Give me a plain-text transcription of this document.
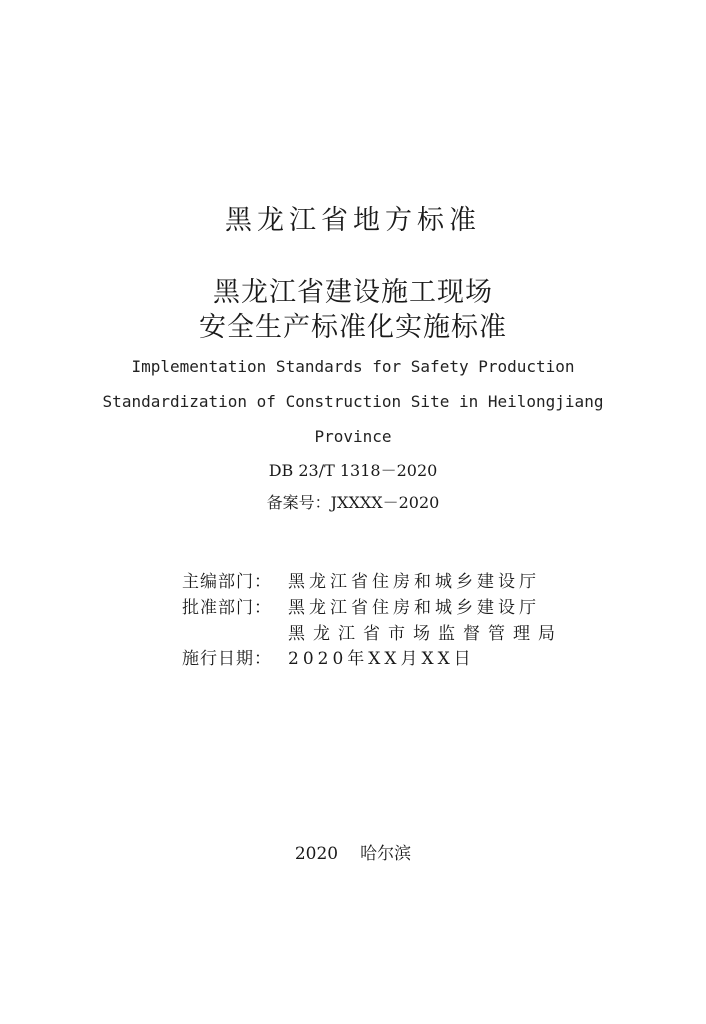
黑龙江省地方标准
黑龙江省建设施工现场
安全生产标准化实施标准
Implementation Standards for Safety Production
Standardization of Construction Site in Heilongjiang
Province
DB 23/T 1318－2020
备案号：JXXXX－2020
主编部门： 黑龙江省住房和城乡建设厅
批准部门： 黑龙江省住房和城乡建设厅
黑龙江省市场监督管理局
施行日期： 2020年XX月XX日
2020 哈尔滨
